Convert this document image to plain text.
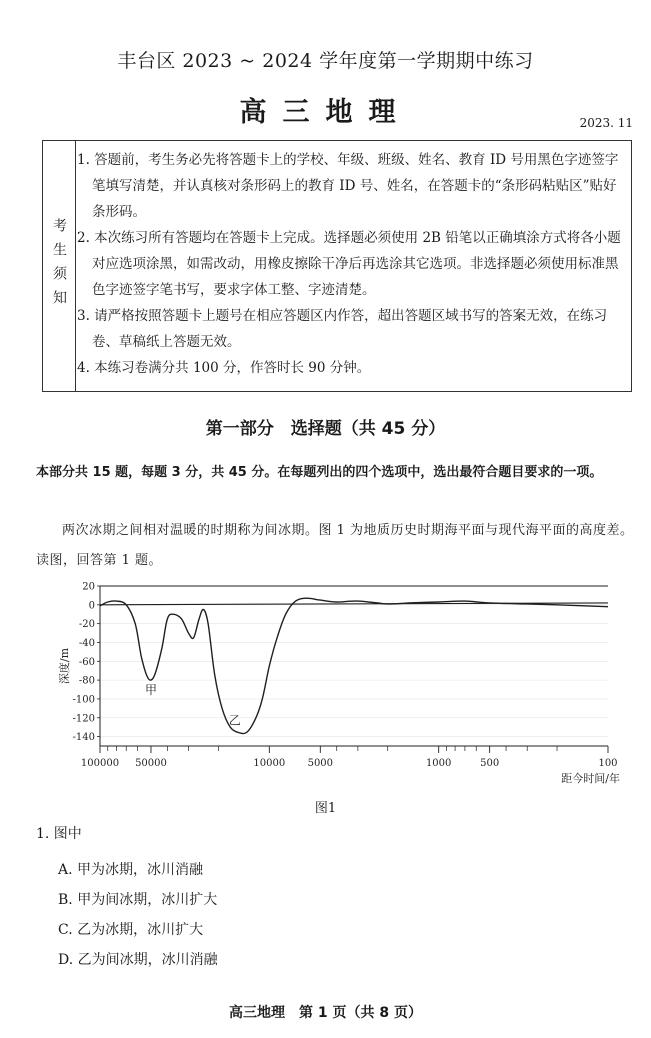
丰台区 2023 ~ 2024 学年度第一学期期中练习
高三地理	2023. 11
考生须知
1. 答题前，考生务必先将答题卡上的学校、年级、班级、姓名、教育 ID 号用黑色字迹签字笔填写清楚，并认真核对条形码上的教育 ID 号、姓名，在答题卡的“条形码粘贴区”贴好条形码。
2. 本次练习所有答题均在答题卡上完成。选择题必须使用 2B 铅笔以正确填涂方式将各小题对应选项涂黑，如需改动，用橡皮擦除干净后再选涂其它选项。非选择题必须使用标准黑色字迹签字笔书写，要求字体工整、字迹清楚。
3. 请严格按照答题卡上题号在相应答题区内作答，超出答题区域书写的答案无效，在练习卷、草稿纸上答题无效。
4. 本练习卷满分共 100 分，作答时长 90 分钟。
第一部分　选择题（共 45 分）
本部分共 15 题，每题 3 分，共 45 分。在每题列出的四个选项中，选出最符合题目要求的一项。
两次冰期之间相对温暖的时期称为间冰期。图 1 为地质历史时期海平面与现代海平面的高度差。读图，回答第 1 题。
20
0
-20
-40
-60
-80
-100
-120
-140
100000 50000	10000 5000	1000	500	100
甲
乙
深度/m
距今时间/年
图1
1. 图中
A. 甲为冰期，冰川消融
B. 甲为间冰期，冰川扩大
C. 乙为冰期，冰川扩大
D. 乙为间冰期，冰川消融
高三地理　第 1 页（共 8 页）
